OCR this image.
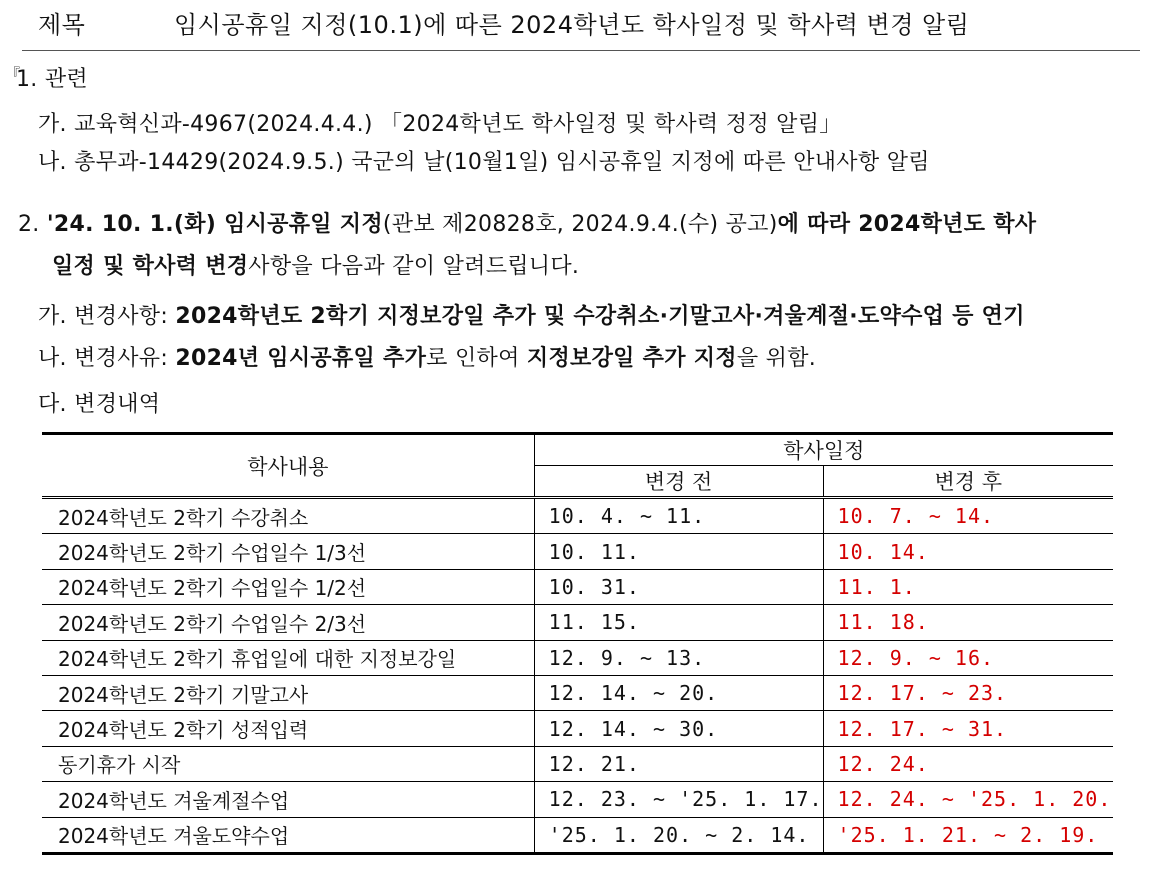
제목	임시공휴일 지정(10.1)에 따른 2024학년도 학사일정 및 학사력 변경 알림
『
1. 관련
가. 교육혁신과-4967(2024.4.4.) 「2024학년도 학사일정 및 학사력 정정 알림」
나. 총무과-14429(2024.9.5.) 국군의 날(10월1일) 임시공휴일 지정에 따른 안내사항 알림
2. '24. 10. 1.(화) 임시공휴일 지정(관보 제20828호, 2024.9.4.(수) 공고)에 따라 2024학년도 학사
일정 및 학사력 변경사항을 다음과 같이 알려드립니다.
가. 변경사항: 2024학년도 2학기 지정보강일 추가 및 수강취소·기말고사·겨울계절·도약수업 등 연기
나. 변경사유: 2024년 임시공휴일 추가로 인하여 지정보강일 추가 지정을 위함.
다. 변경내역
학사내용	학사일정	
	변경 전	변경 후
2024학년도 2학기 수강취소	10. 4. ~ 11.	10. 7. ~ 14.
2024학년도 2학기 수업일수 1/3선	10. 11.	10. 14.
2024학년도 2학기 수업일수 1/2선	10. 31.	11. 1.
2024학년도 2학기 수업일수 2/3선	11. 15.	11. 18.
2024학년도 2학기 휴업일에 대한 지정보강일	12. 9. ~ 13.	12. 9. ~ 16.
2024학년도 2학기 기말고사	12. 14. ~ 20.	12. 17. ~ 23.
2024학년도 2학기 성적입력	12. 14. ~ 30.	12. 17. ~ 31.
동기휴가 시작	12. 21.	12. 24.
2024학년도 겨울계절수업	12. 23. ~ '25. 1. 17.	12. 24. ~ '25. 1. 20.
2024학년도 겨울도약수업	'25. 1. 20. ~ 2. 14.	'25. 1. 21. ~ 2. 19.
